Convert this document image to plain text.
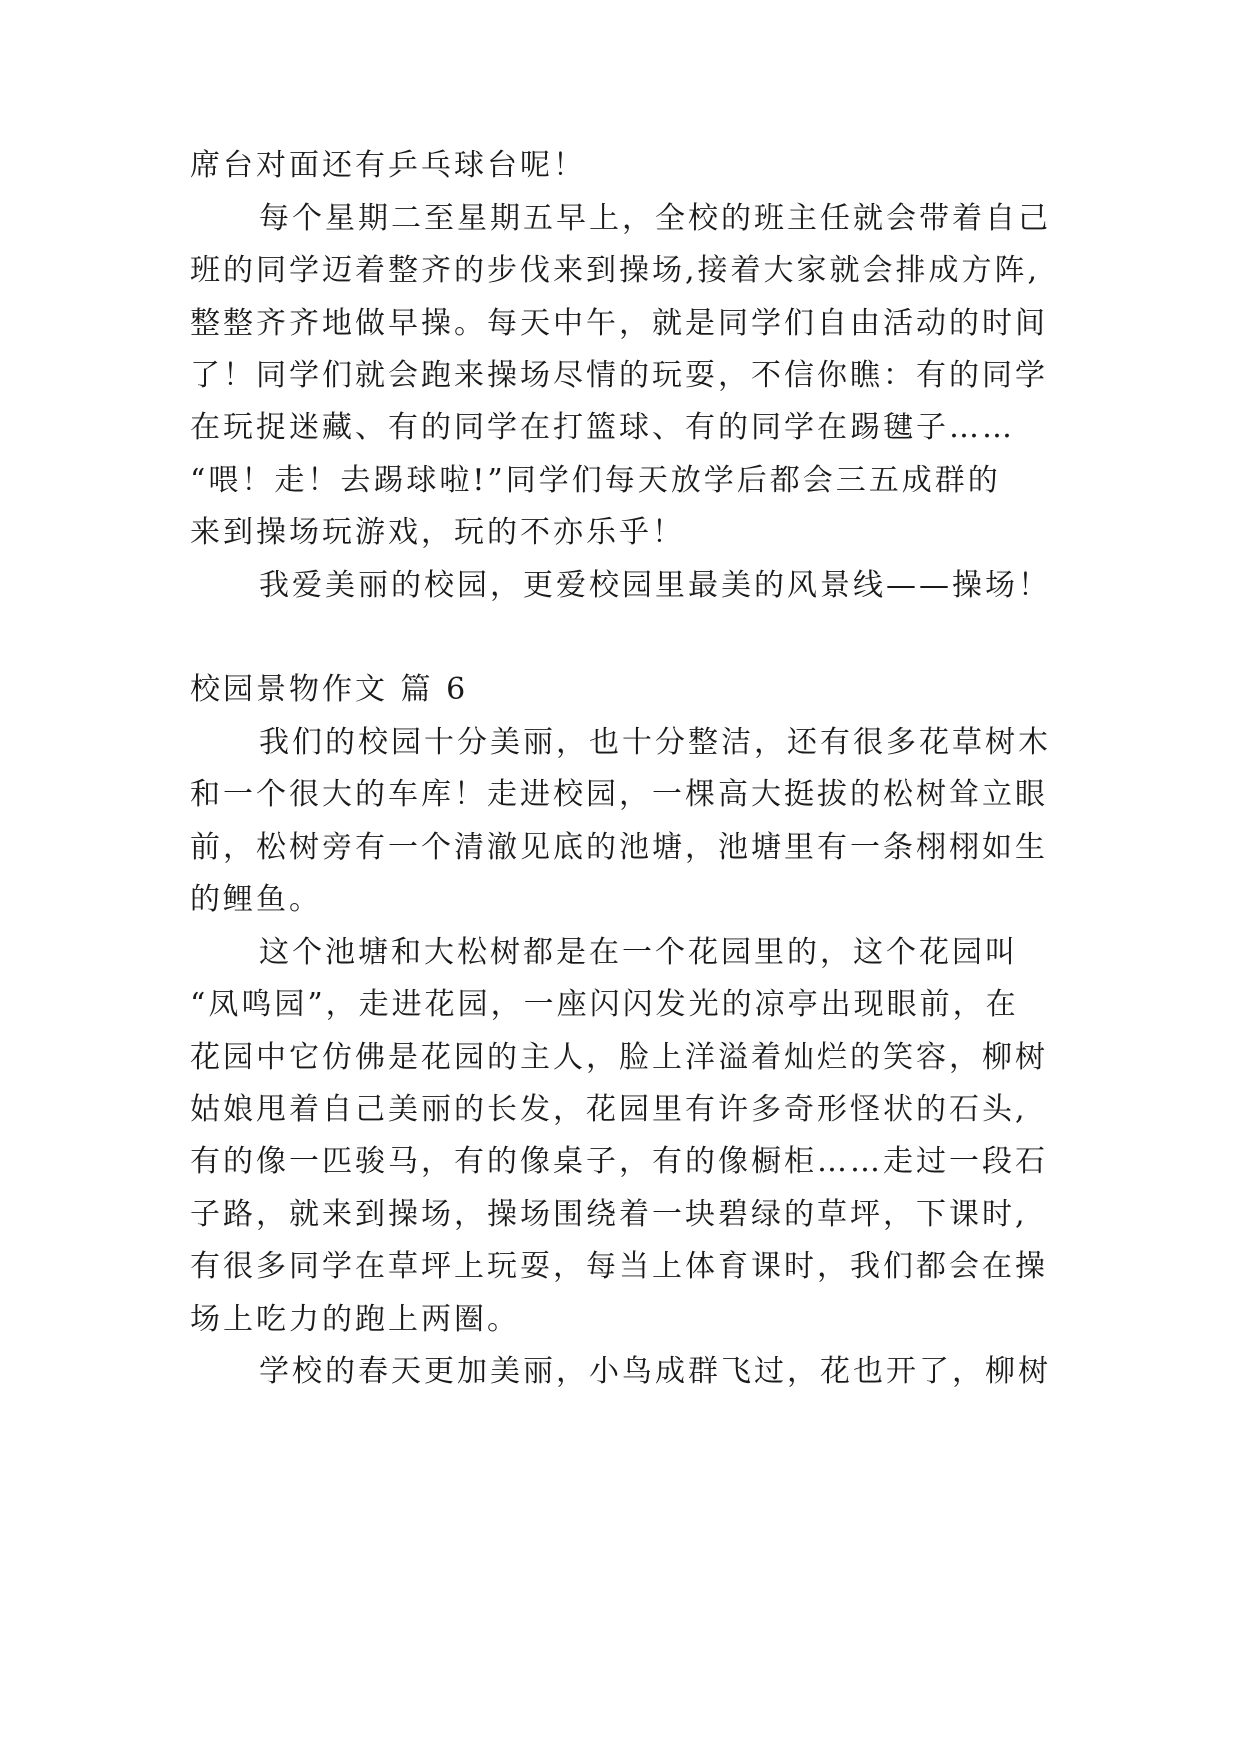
席台对面还有乒乓球台呢！
每个星期二至星期五早上，全校的班主任就会带着自己
班的同学迈着整齐的步伐来到操场,接着大家就会排成方阵,
整整齐齐地做早操。每天中午，就是同学们自由活动的时间
了！同学们就会跑来操场尽情的玩耍，不信你瞧：有的同学
在玩捉迷藏、有的同学在打篮球、有的同学在踢毽子……
“喂！走！去踢球啦!”同学们每天放学后都会三五成群的
来到操场玩游戏，玩的不亦乐乎！
我爱美丽的校园，更爱校园里最美的风景线——操场！
校园景物作文 篇 6
我们的校园十分美丽，也十分整洁，还有很多花草树木
和一个很大的车库！走进校园，一棵高大挺拔的松树耸立眼
前，松树旁有一个清澈见底的池塘，池塘里有一条栩栩如生
的鲤鱼。
这个池塘和大松树都是在一个花园里的，这个花园叫
“凤鸣园”，走进花园，一座闪闪发光的凉亭出现眼前，在
花园中它仿佛是花园的主人，脸上洋溢着灿烂的笑容，柳树
姑娘甩着自己美丽的长发，花园里有许多奇形怪状的石头,
有的像一匹骏马，有的像桌子，有的像橱柜……走过一段石
子路，就来到操场，操场围绕着一块碧绿的草坪，下课时,
有很多同学在草坪上玩耍，每当上体育课时，我们都会在操
场上吃力的跑上两圈。
学校的春天更加美丽，小鸟成群飞过，花也开了，柳树
